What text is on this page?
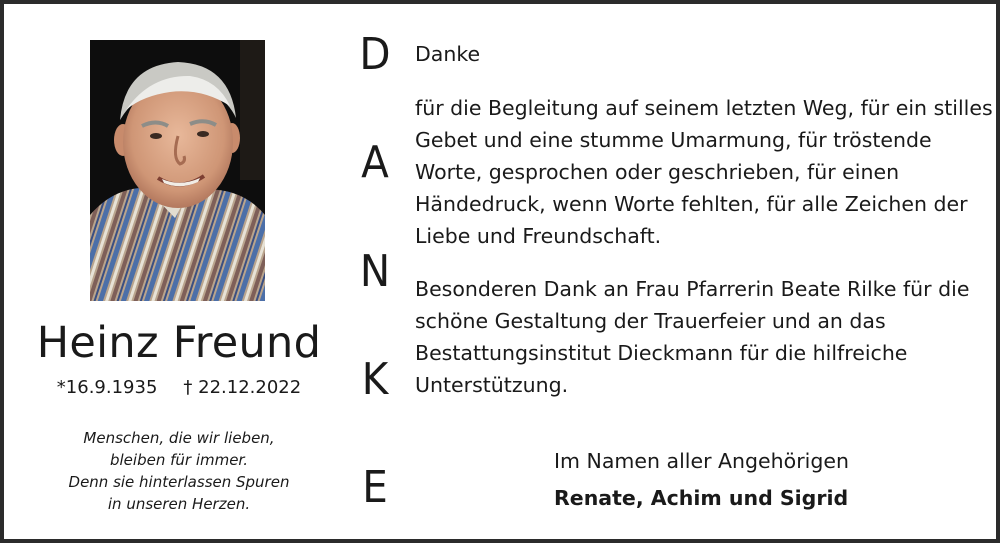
Heinz Freund
*16.9.1935 † 22.12.2022
Menschen, die wir lieben,
bleiben für immer.
Denn sie hinterlassen Spuren
in unseren Herzen.
D
A
N
K
E
Danke
für die Begleitung auf seinem letzten Weg, für ein stilles
Gebet und eine stumme Umarmung, für tröstende
Worte, gesprochen oder geschrieben, für einen
Händedruck, wenn Worte fehlten, für alle Zeichen der
Liebe und Freundschaft.
Besonderen Dank an Frau Pfarrerin Beate Rilke für die
schöne Gestaltung der Trauerfeier und an das
Bestattungsinstitut Dieckmann für die hilfreiche
Unterstützung.
Im Namen aller Angehörigen
Renate, Achim und Sigrid
